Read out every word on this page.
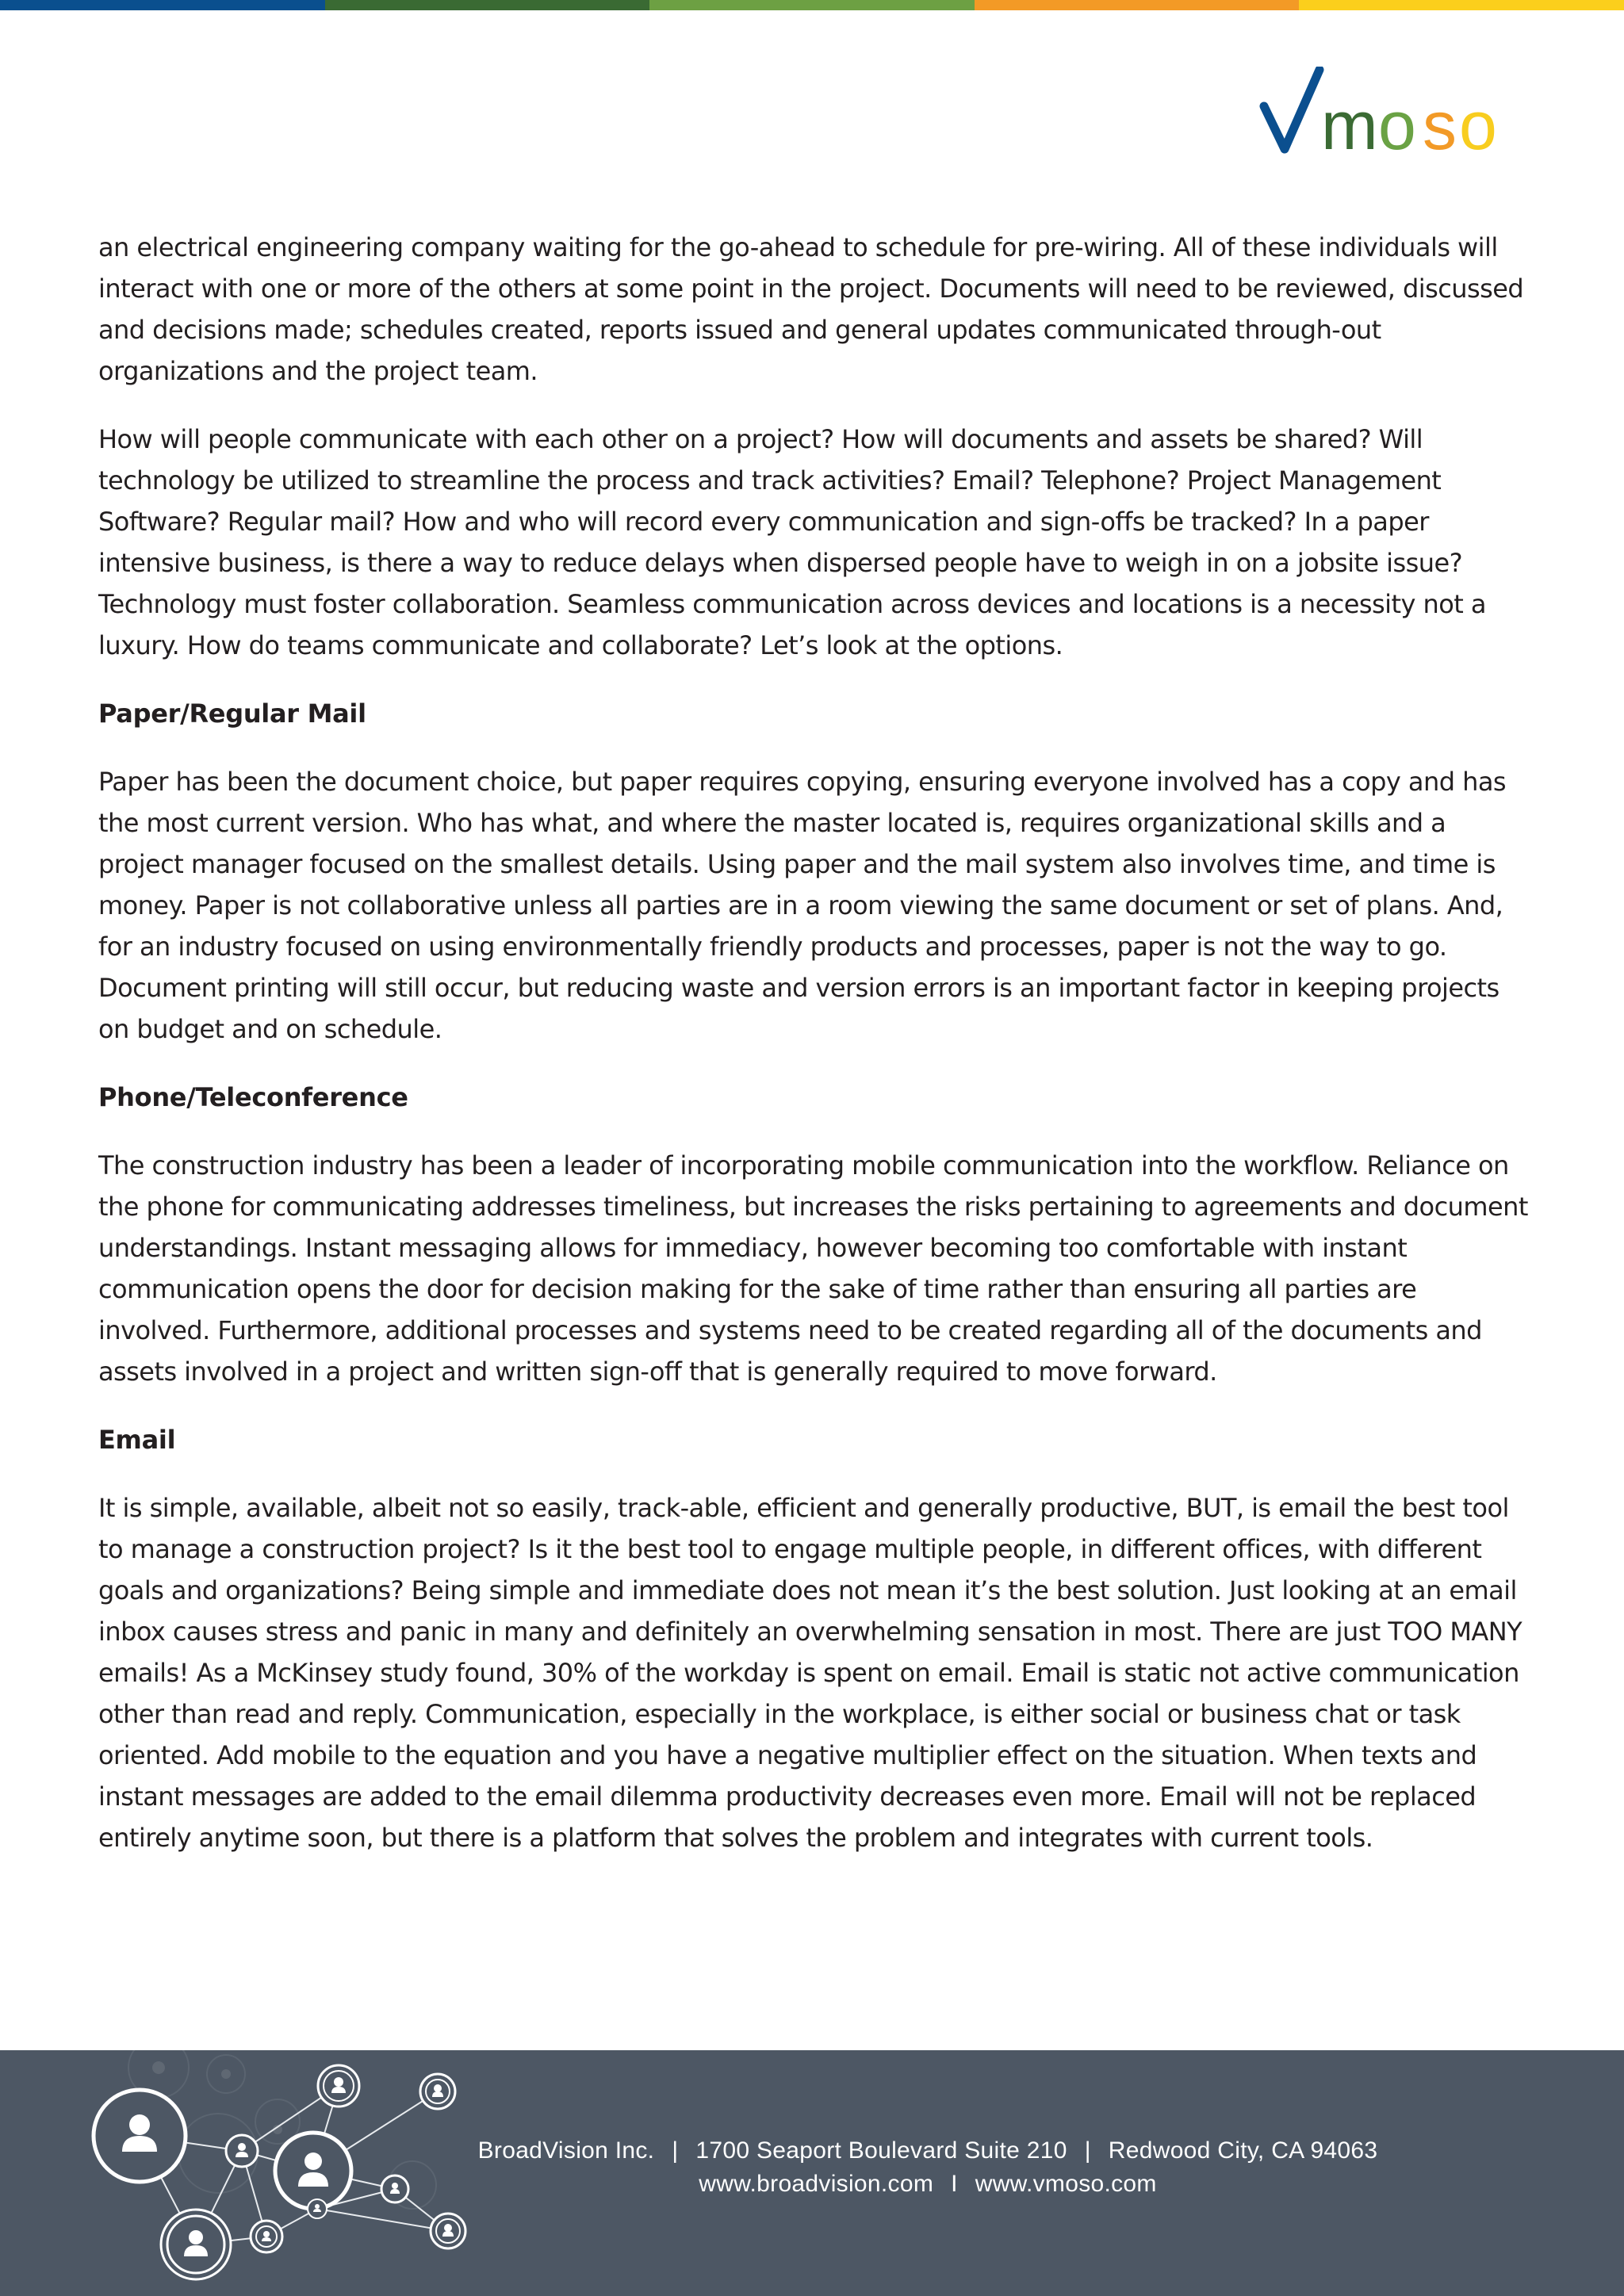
m o s o

an electrical engineering company waiting for the go-ahead to schedule for pre-wiring. All of these individuals will interact with one or more of the others at some point in the project. Documents will need to be reviewed, discussed and decisions made; schedules created, reports issued and general updates communicated through-out organizations and the project team.

How will people communicate with each other on a project? How will documents and assets be shared? Will technology be utilized to streamline the process and track activities? Email? Telephone? Project Management Software? Regular mail? How and who will record every communication and sign-offs be tracked? In a paper intensive business, is there a way to reduce delays when dispersed people have to weigh in on a jobsite issue? Technology must foster collaboration. Seamless communication across devices and locations is a necessity not a luxury. How do teams communicate and collaborate? Let’s look at the options.

Paper/Regular Mail

Paper has been the document choice, but paper requires copying, ensuring everyone involved has a copy and has the most current version. Who has what, and where the master located is, requires organizational skills and a project manager focused on the smallest details. Using paper and the mail system also involves time, and time is money. Paper is not collaborative unless all parties are in a room viewing the same document or set of plans. And, for an industry focused on using environmentally friendly products and processes, paper is not the way to go. Document printing will still occur, but reducing waste and version errors is an important factor in keeping projects on budget and on schedule.

Phone/Teleconference

The construction industry has been a leader of incorporating mobile communication into the workflow. Reliance on the phone for communicating addresses timeliness, but increases the risks pertaining to agreements and document understandings. Instant messaging allows for immediacy, however becoming too comfortable with instant communication opens the door for decision making for the sake of time rather than ensuring all parties are involved. Furthermore, additional processes and systems need to be created regarding all of the documents and assets involved in a project and written sign-off that is generally required to move forward.

Email

It is simple, available, albeit not so easily, track-able, efficient and generally productive, BUT, is email the best tool to manage a construction project? Is it the best tool to engage multiple people, in different offices, with different goals and organizations? Being simple and immediate does not mean it’s the best solution. Just looking at an email inbox causes stress and panic in many and definitely an overwhelming sensation in most. There are just TOO MANY emails! As a McKinsey study found, 30% of the workday is spent on email. Email is static not active communication other than read and reply. Communication, especially in the workplace, is either social or business chat or task oriented. Add mobile to the equation and you have a negative multiplier effect on the situation. When texts and instant messages are added to the email dilemma productivity decreases even more. Email will not be replaced entirely anytime soon, but there is a platform that solves the problem and integrates with current tools.

BroadVision Inc. | 1700 Seaport Boulevard Suite 210 | Redwood City, CA 94063
www.broadvision.com I www.vmoso.com
